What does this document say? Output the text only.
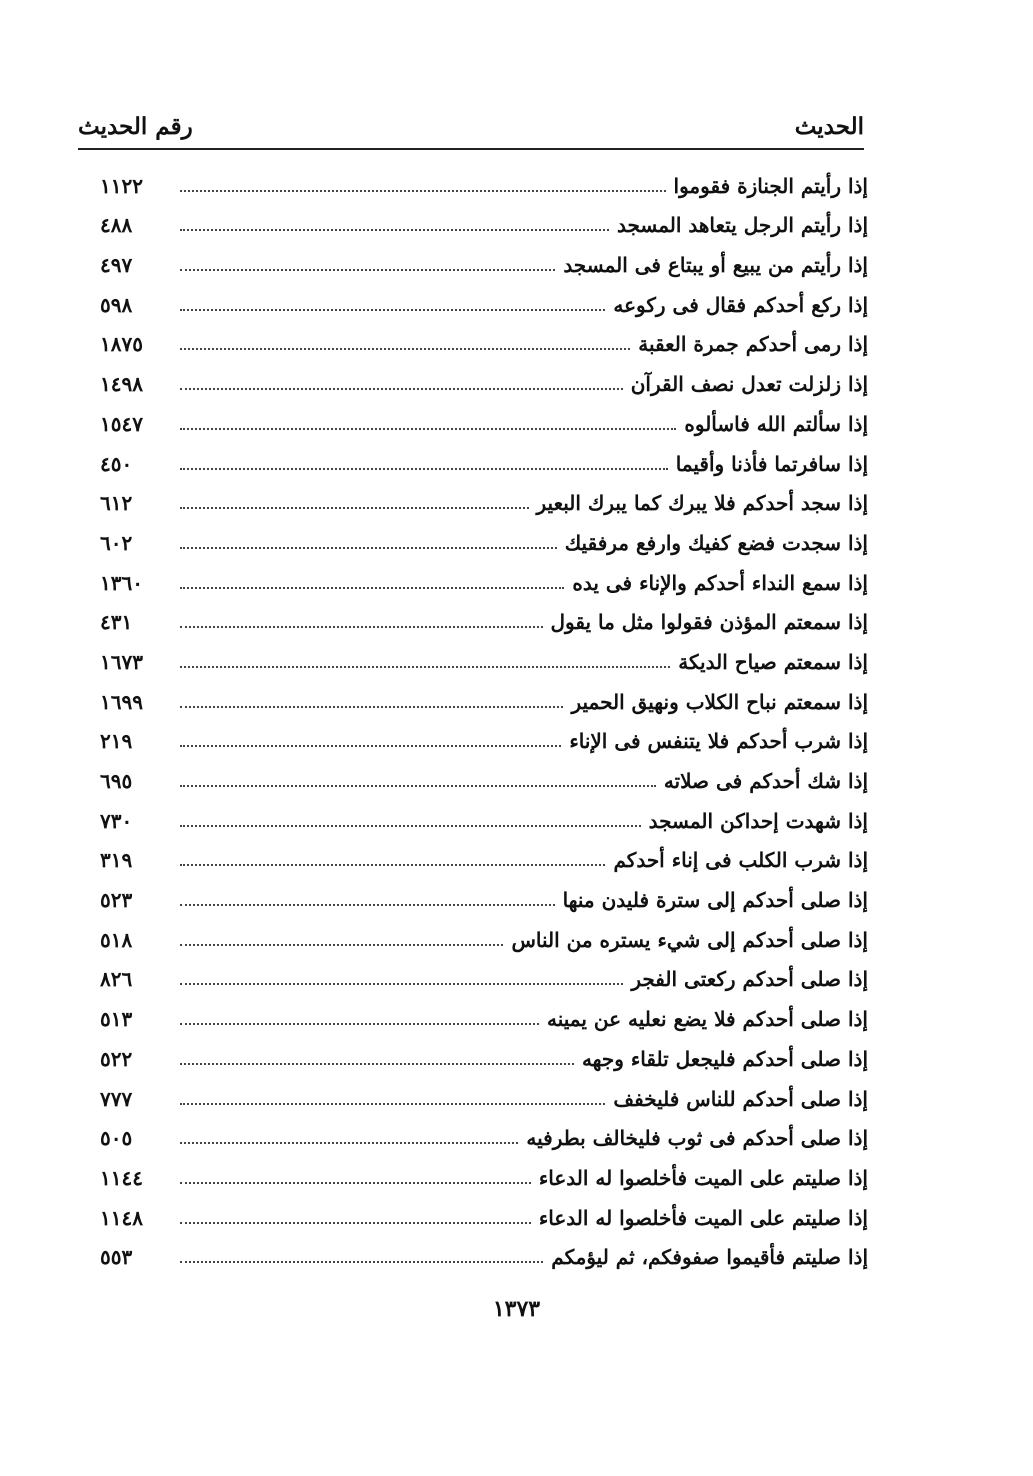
الحديث
رقم الحديث
إذا رأيتم الجنازة فقوموا
١١٢٢
إذا رأيتم الرجل يتعاهد المسجد
٤٨٨
إذا رأيتم من يبيع أو يبتاع فى المسجد
٤٩٧
إذا ركع أحدكم فقال فى ركوعه
٥٩٨
إذا رمى أحدكم جمرة العقبة
١٨٧٥
إذا زلزلت تعدل نصف القرآن
١٤٩٨
إذا سألتم الله فاسألوه
١٥٤٧
إذا سافرتما فأذنا وأقيما
٤٥٠
إذا سجد أحدكم فلا يبرك كما يبرك البعير
٦١٢
إذا سجدت فضع كفيك وارفع مرفقيك
٦٠٢
إذا سمع النداء أحدكم والإناء فى يده
١٣٦٠
إذا سمعتم المؤذن فقولوا مثل ما يقول
٤٣١
إذا سمعتم صياح الديكة
١٦٧٣
إذا سمعتم نباح الكلاب ونهيق الحمير
١٦٩٩
إذا شرب أحدكم فلا يتنفس فى الإناء
٢١٩
إذا شك أحدكم فى صلاته
٦٩٥
إذا شهدت إحداكن المسجد
٧٣٠
إذا شرب الكلب فى إناء أحدكم
٣١٩
إذا صلى أحدكم إلى سترة فليدن منها
٥٢٣
إذا صلى أحدكم إلى شيء يستره من الناس
٥١٨
إذا صلى أحدكم ركعتى الفجر
٨٢٦
إذا صلى أحدكم فلا يضع نعليه عن يمينه
٥١٣
إذا صلى أحدكم فليجعل تلقاء وجهه
٥٢٢
إذا صلى أحدكم للناس فليخفف
٧٧٧
إذا صلى أحدكم فى ثوب فليخالف بطرفيه
٥٠٥
إذا صليتم على الميت فأخلصوا له الدعاء
١١٤٤
إذا صليتم على الميت فأخلصوا له الدعاء
١١٤٨
إذا صليتم فأقيموا صفوفكم، ثم ليؤمكم
٥٥٣
١٣٧٣
